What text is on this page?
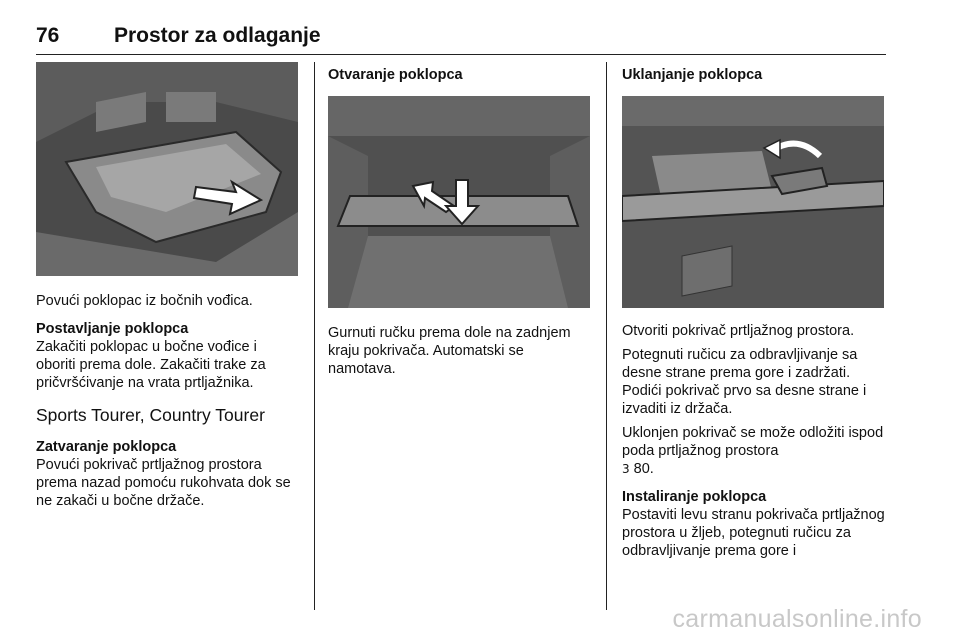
76	Prostor za odlaganje

Povući poklopac iz bočnih vođica.

Postavljanje poklopca

Zakačiti poklopac u bočne vođice i oboriti prema dole. Zakačiti trake za pričvršćivanje na vrata prtljažnika.

Sports Tourer, Country Tourer

Zatvaranje poklopca

Povući pokrivač prtljažnog prostora prema nazad pomoću rukohvata dok se ne zakači u bočne držače.

Otvaranje poklopca

Gurnuti ručku prema dole na zadnjem kraju pokrivača. Automatski se namotava.

Uklanjanje poklopca

Otvoriti pokrivač prtljažnog prostora.

Potegnuti ručicu za odbravljivanje sa desne strane prema gore i zadržati. Podići pokrivač prvo sa desne strane i izvaditi iz držača.

Uklonjen pokrivač se može odložiti ispod poda prtljažnog prostora
3 80.

Instaliranje poklopca

Postaviti levu stranu pokrivača prtljažnog prostora u žljeb, potegnuti ručicu za odbravljivanje prema gore i

carmanualsonline.info
